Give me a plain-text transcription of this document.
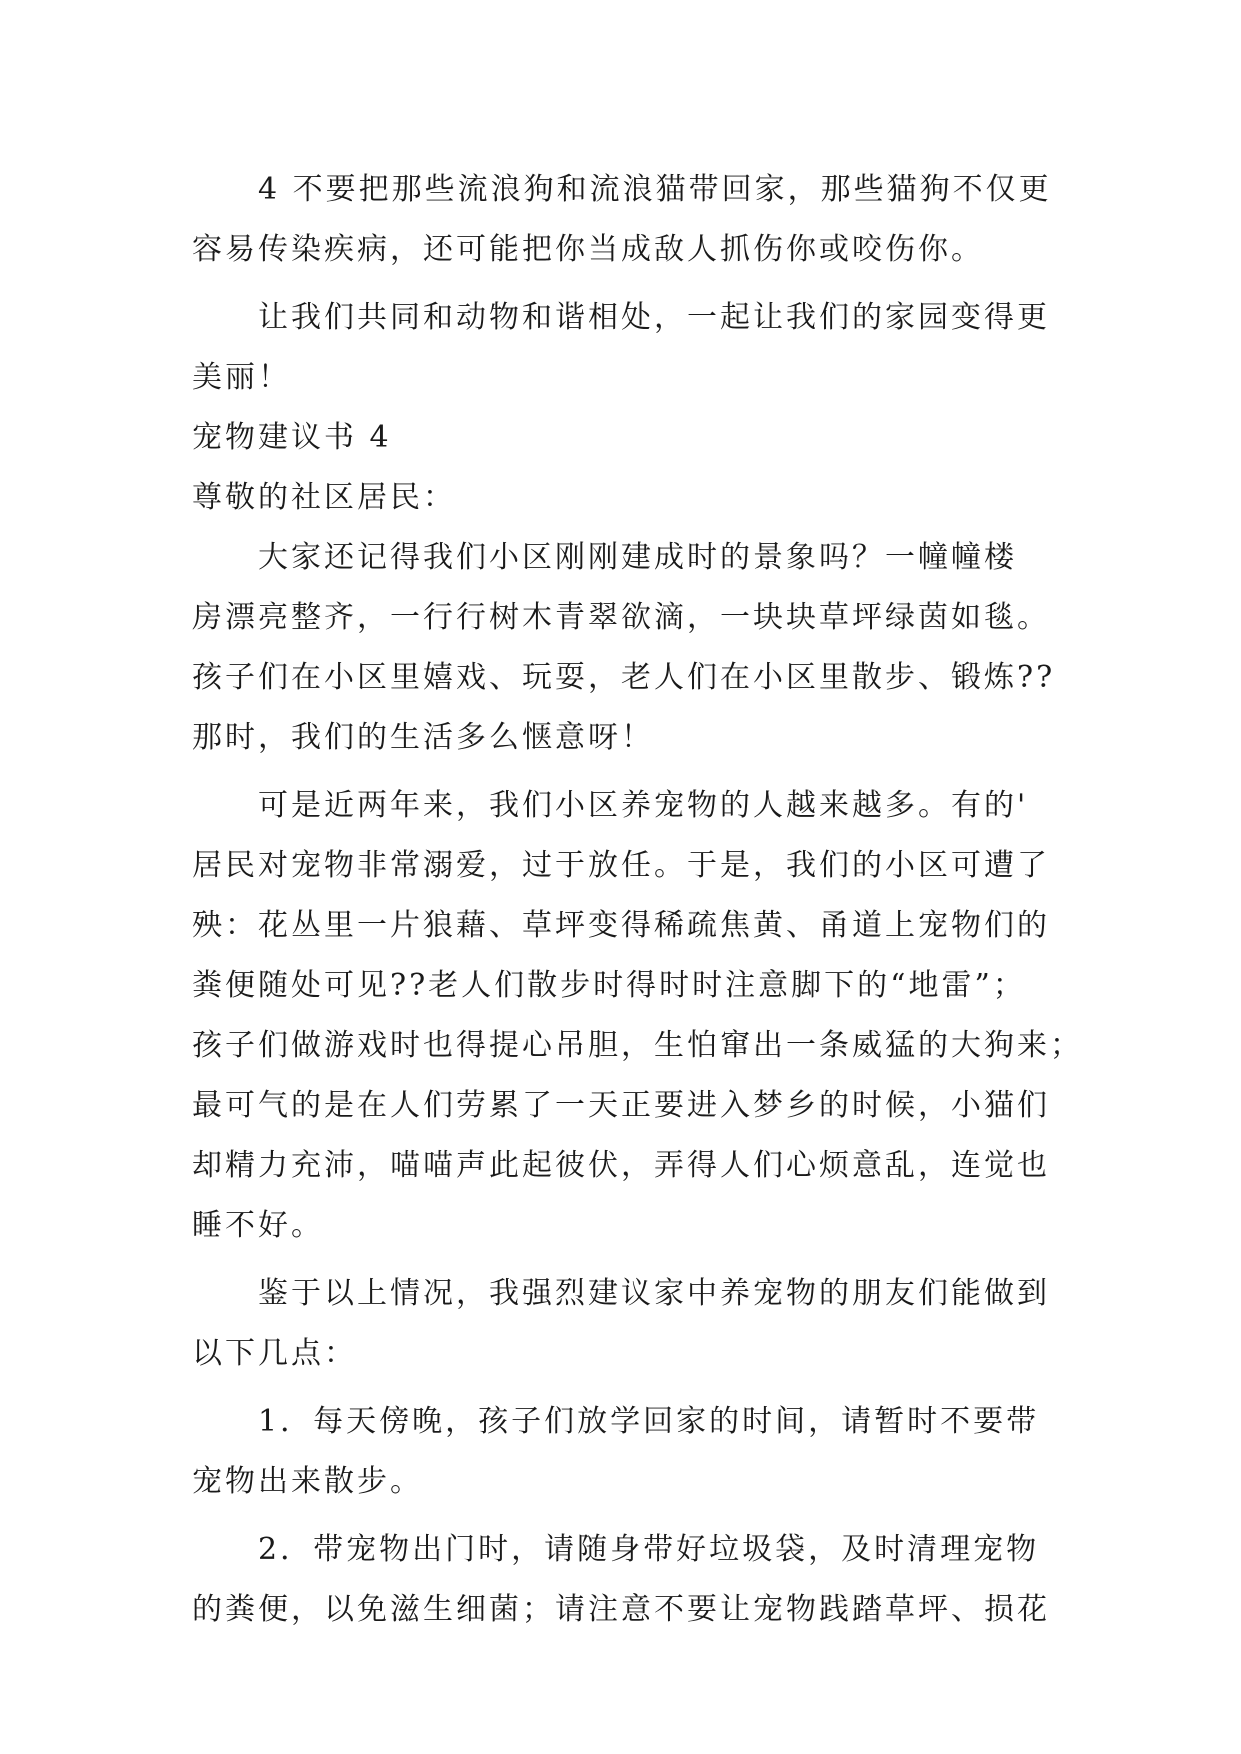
4 不要把那些流浪狗和流浪猫带回家，那些猫狗不仅更
容易传染疾病，还可能把你当成敌人抓伤你或咬伤你。
让我们共同和动物和谐相处，一起让我们的家园变得更
美丽！
宠物建议书 4
尊敬的社区居民：
大家还记得我们小区刚刚建成时的景象吗？一幢幢楼
房漂亮整齐，一行行树木青翠欲滴，一块块草坪绿茵如毯。
孩子们在小区里嬉戏、玩耍，老人们在小区里散步、锻炼??
那时，我们的生活多么惬意呀！
可是近两年来，我们小区养宠物的人越来越多。有的'
居民对宠物非常溺爱，过于放任。于是，我们的小区可遭了
殃：花丛里一片狼藉、草坪变得稀疏焦黄、甬道上宠物们的
粪便随处可见??老人们散步时得时时注意脚下的“地雷”；
孩子们做游戏时也得提心吊胆，生怕窜出一条威猛的大狗来；
最可气的是在人们劳累了一天正要进入梦乡的时候，小猫们
却精力充沛，喵喵声此起彼伏，弄得人们心烦意乱，连觉也
睡不好。
鉴于以上情况，我强烈建议家中养宠物的朋友们能做到
以下几点：
1．每天傍晚，孩子们放学回家的时间，请暂时不要带
宠物出来散步。
2．带宠物出门时，请随身带好垃圾袋，及时清理宠物
的粪便，以免滋生细菌；请注意不要让宠物践踏草坪、损花
